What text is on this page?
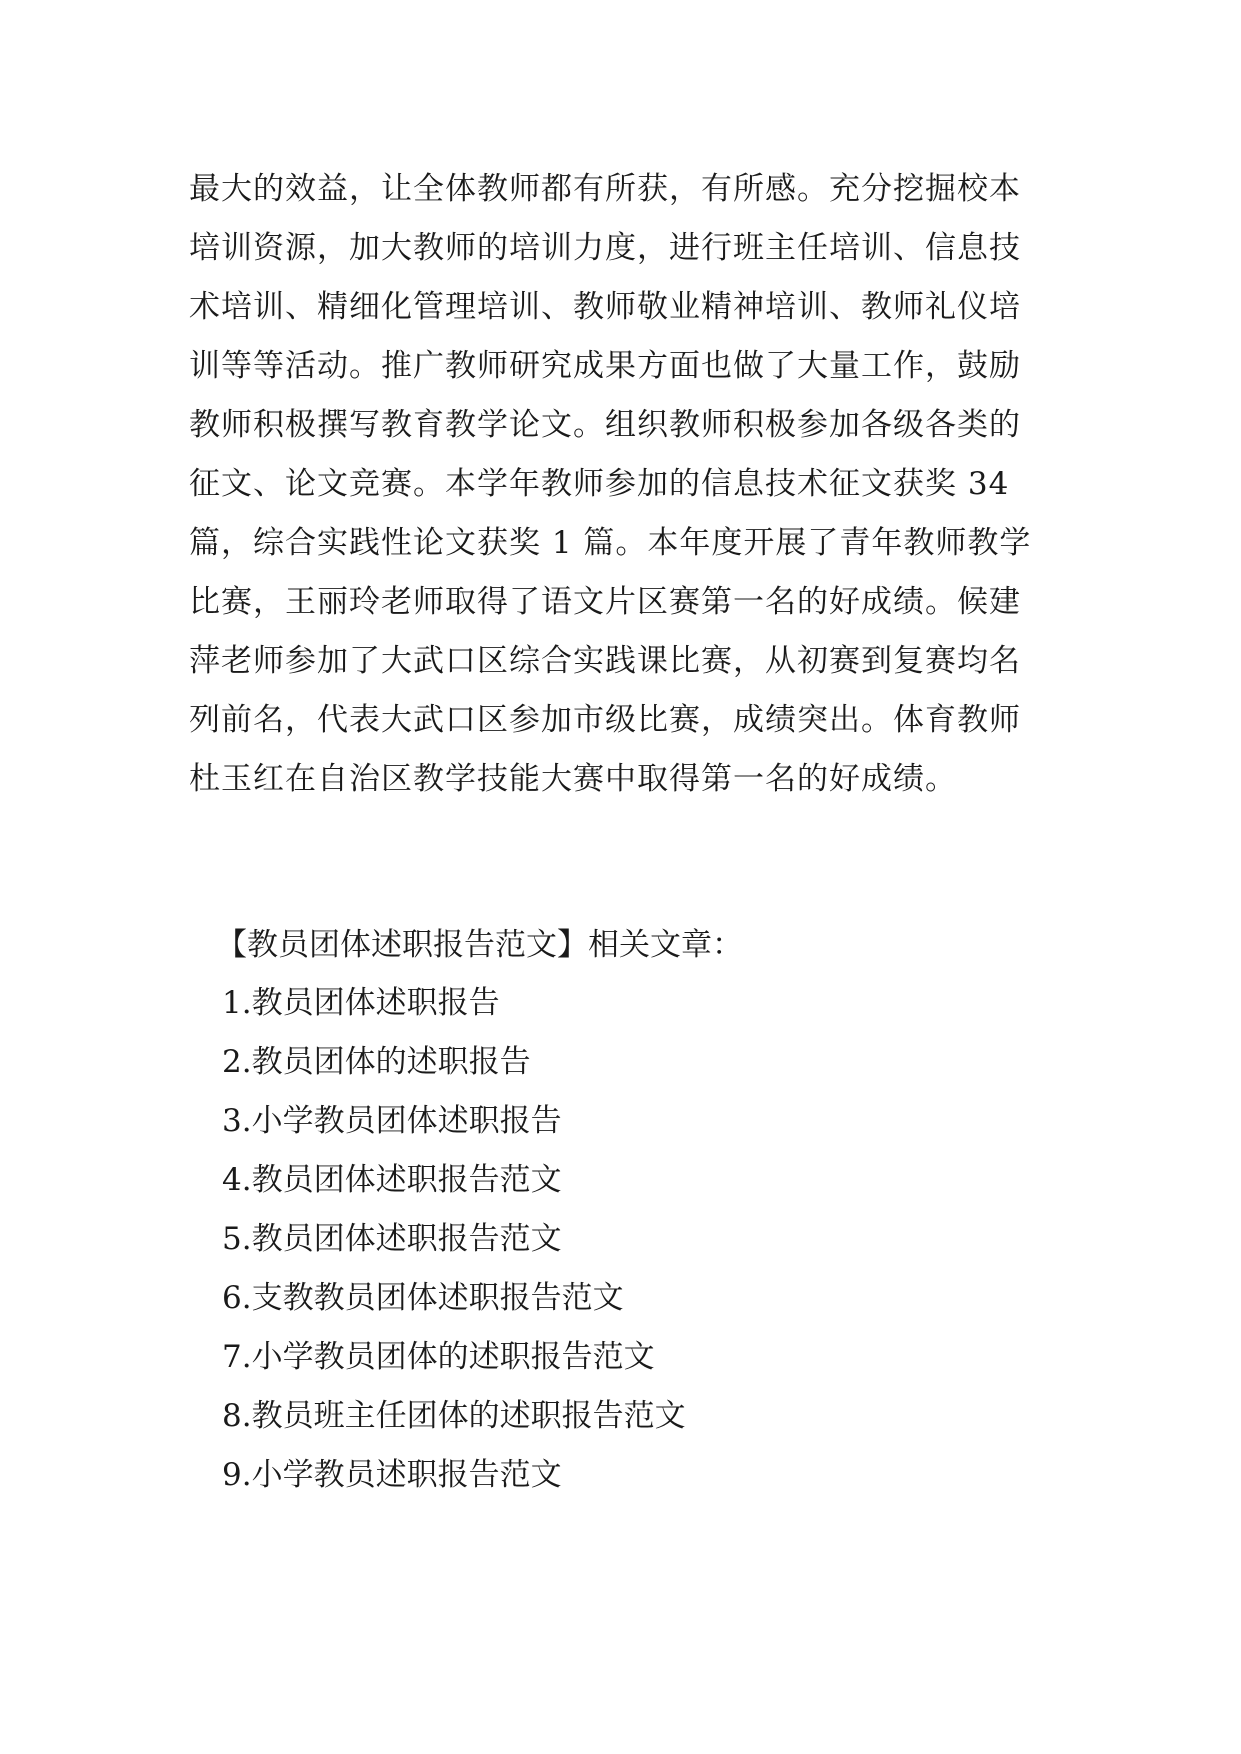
最大的效益，让全体教师都有所获，有所感。充分挖掘校本
培训资源，加大教师的培训力度，进行班主任培训、信息技
术培训、精细化管理培训、教师敬业精神培训、教师礼仪培
训等等活动。推广教师研究成果方面也做了大量工作，鼓励
教师积极撰写教育教学论文。组织教师积极参加各级各类的
征文、论文竞赛。本学年教师参加的信息技术征文获奖 34
篇，综合实践性论文获奖 1 篇。本年度开展了青年教师教学
比赛，王丽玲老师取得了语文片区赛第一名的好成绩。候建
萍老师参加了大武口区综合实践课比赛，从初赛到复赛均名
列前名，代表大武口区参加市级比赛，成绩突出。体育教师
杜玉红在自治区教学技能大赛中取得第一名的好成绩。
【教员团体述职报告范文】相关文章：
1.教员团体述职报告
2.教员团体的述职报告
3.小学教员团体述职报告
4.教员团体述职报告范文
5.教员团体述职报告范文
6.支教教员团体述职报告范文
7.小学教员团体的述职报告范文
8.教员班主任团体的述职报告范文
9.小学教员述职报告范文
